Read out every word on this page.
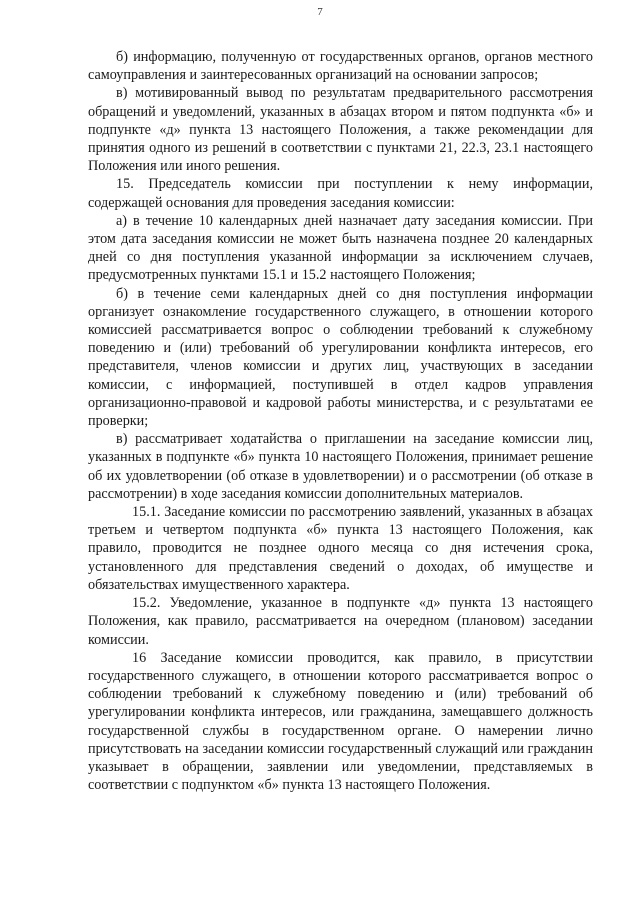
7

б) информацию, полученную от государственных органов, органов местного самоуправления и заинтересованных организаций на основании запросов;

в) мотивированный вывод по результатам предварительного рассмотрения обращений и уведомлений, указанных в абзацах втором и пятом подпункта «б» и подпункте «д» пункта 13 настоящего Положения, а также рекомендации для принятия одного из решений в соответствии с пунктами 21, 22.3, 23.1 настоящего Положения или иного решения.

15. Председатель комиссии при поступлении к нему информации, содержащей основания для проведения заседания комиссии:

а) в течение 10 календарных дней назначает дату заседания комиссии. При этом дата заседания комиссии не может быть назначена позднее 20 календарных дней со дня поступления указанной информации за исключением случаев, предусмотренных пунктами 15.1 и 15.2 настоящего Положения;

б) в течение семи календарных дней со дня поступления информации организует ознакомление государственного служащего, в отношении которого комиссией рассматривается вопрос о соблюдении требований к служебному поведению и (или) требований об урегулировании конфликта интересов, его представителя, членов комиссии и других лиц, участвующих в заседании комиссии, с информацией, поступившей в отдел кадров управления организационно-правовой и кадровой работы министерства, и с результатами ее проверки;

в) рассматривает ходатайства о приглашении на заседание комиссии лиц, указанных в подпункте «б» пункта 10 настоящего Положения, принимает решение об их удовлетворении (об отказе в удовлетворении) и о рассмотрении (об отказе в рассмотрении) в ходе заседания комиссии дополнительных материалов.

15.1. Заседание комиссии по рассмотрению заявлений, указанных в абзацах третьем и четвертом подпункта «б» пункта 13 настоящего Положения, как правило, проводится не позднее одного месяца со дня истечения срока, установленного для представления сведений о доходах, об имуществе и обязательствах имущественного характера.

15.2. Уведомление, указанное в подпункте «д» пункта 13 настоящего Положения, как правило, рассматривается на очередном (плановом) заседании комиссии.

16 Заседание комиссии проводится, как правило, в присутствии государственного служащего, в отношении которого рассматривается вопрос о соблюдении требований к служебному поведению и (или) требований об урегулировании конфликта интересов, или гражданина, замещавшего должность государственной службы в государственном органе. О намерении лично присутствовать на заседании комиссии государственный служащий или гражданин указывает в обращении, заявлении или уведомлении, представляемых в соответствии с подпунктом «б» пункта 13 настоящего Положения.
